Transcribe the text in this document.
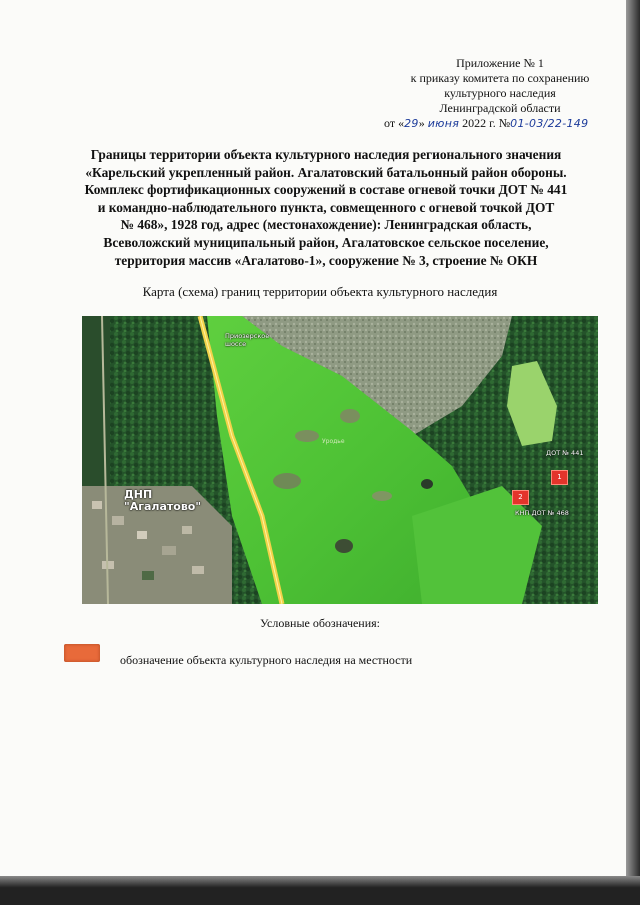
Приложение № 1
к приказу комитета по сохранению
культурного наследия
Ленинградской области
от «29» июня 2022 г. №01-03/22-149
Границы территории объекта культурного наследия регионального значения
«Карельский укрепленный район. Агалатовский батальонный район обороны.
Комплекс фортификационных сооружений в составе огневой точки ДОТ № 441
и командно-наблюдательного пункта, совмещенного с огневой точкой ДОТ
№ 468», 1928 год, адрес (местонахождение): Ленинградская область,
Всеволожский муниципальный район, Агалатовское сельское поселение,
территория массив «Агалатово-1», сооружение № 3, строение № ОКН
Карта (схема) границ территории объекта культурного наследия
Приозерское
шоссе
Уродье
ДНП
"Агалатово"
ДОТ № 441
КНП ДОТ № 468
1
2
Условные обозначения:
обозначение объекта культурного наследия на местности
